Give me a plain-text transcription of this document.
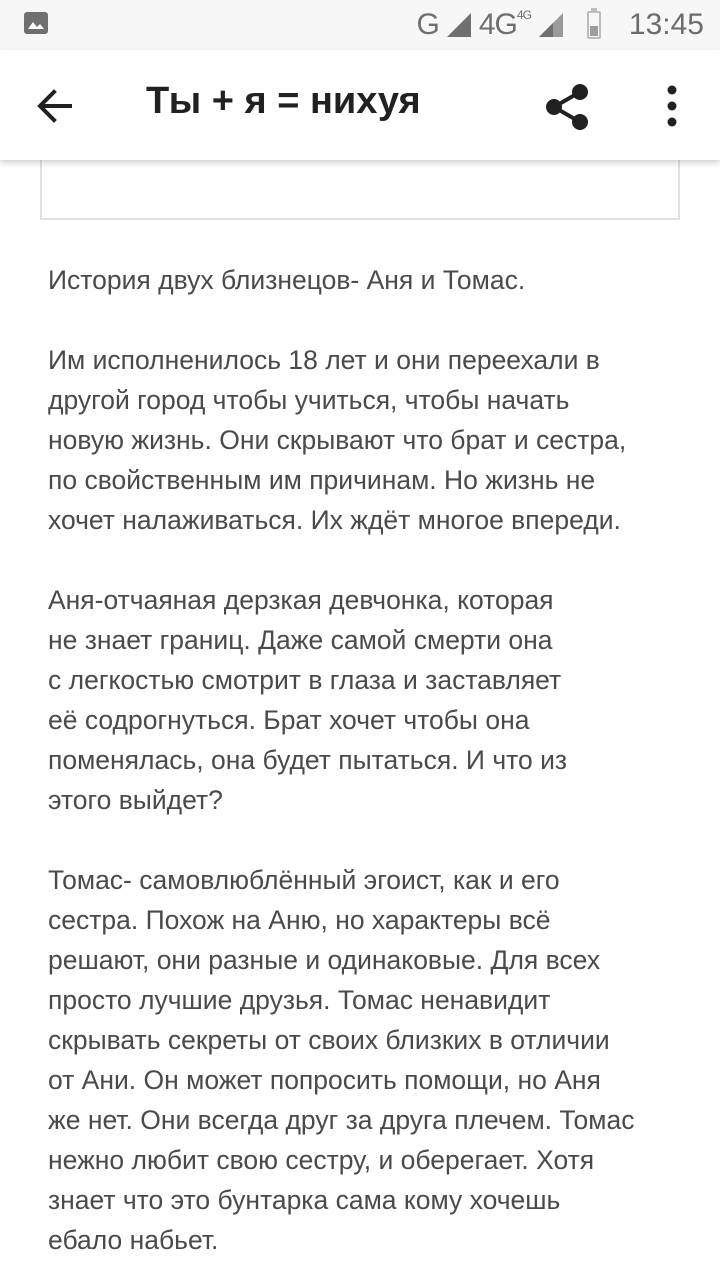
G $4G^{4G}$	13:45
Ты + я = нихуя

История двух близнецов- Аня и Томас.

Им исполненилось 18 лет и они переехали в
другой город чтобы учиться, чтобы начать
новую жизнь. Они скрывают что брат и сестра,
по свойственным им причинам. Но жизнь не
хочет налаживаться. Их ждёт многое впереди.

Аня-отчаяная дерзкая девчонка, которая
не знает границ. Даже самой смерти она
с легкостью смотрит в глаза и заставляет
её содрогнуться. Брат хочет чтобы она
поменялась, она будет пытаться. И что из
этого выйдет?

Томас- самовлюблённый эгоист, как и его
сестра. Похож на Аню, но характеры всё
решают, они разные и одинаковые. Для всех
просто лучшие друзья. Томас ненавидит
скрывать секреты от своих близких в отличии
от Ани. Он может попросить помощи, но Аня
же нет. Они всегда друг за друга плечем. Томас
нежно любит свою сестру, и оберегает. Хотя
знает что это бунтарка сама кому хочешь
ебало набьет.
